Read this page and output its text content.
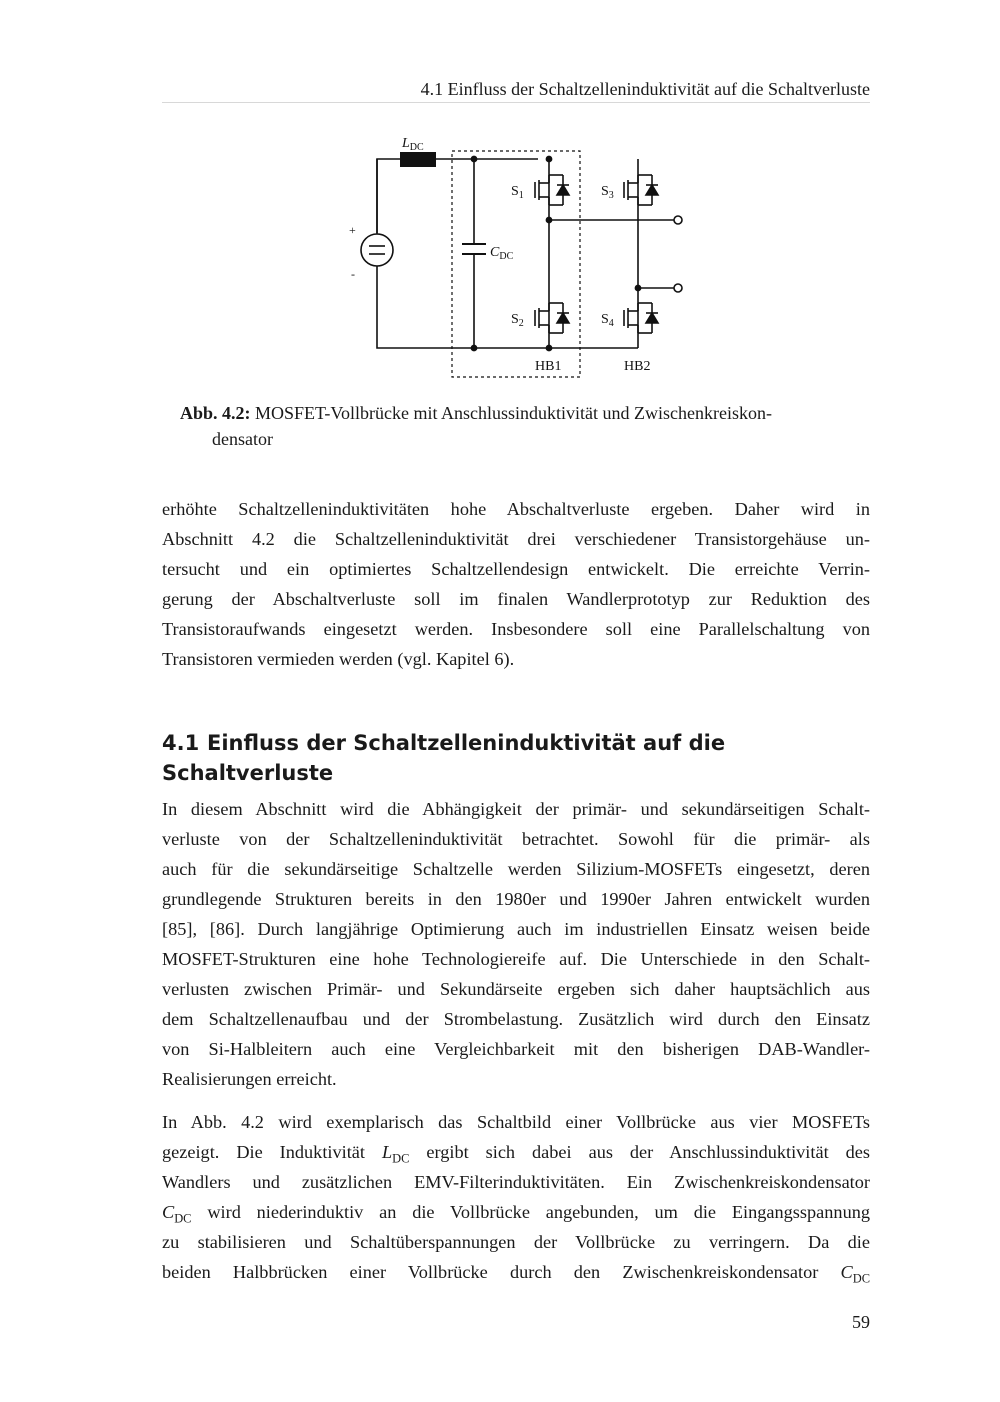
4.1 Einfluss der Schaltzelleninduktivität auf die Schaltverluste
$L_{DC}$
+
-
$C_{DC}$
$S_1$
$S_2$
$S_3$
$S_4$
HB1	HB2
Abb. 4.2: MOSFET-Vollbrücke mit Anschlussinduktivität und Zwischenkreiskon-
densator
erhöhte Schaltzelleninduktivitäten hohe Abschaltverluste ergeben. Daher wird in
Abschnitt 4.2 die Schaltzelleninduktivität drei verschiedener Transistorgehäuse un-
tersucht und ein optimiertes Schaltzellendesign entwickelt. Die erreichte Verrin-
gerung der Abschaltverluste soll im finalen Wandlerprototyp zur Reduktion des
Transistoraufwands eingesetzt werden. Insbesondere soll eine Parallelschaltung von
Transistoren vermieden werden (vgl. Kapitel 6).
4.1 Einfluss der Schaltzelleninduktivität auf die Schaltverluste
In diesem Abschnitt wird die Abhängigkeit der primär- und sekundärseitigen Schalt-
verluste von der Schaltzelleninduktivität betrachtet. Sowohl für die primär- als
auch für die sekundärseitige Schaltzelle werden Silizium-MOSFETs eingesetzt, deren
grundlegende Strukturen bereits in den 1980er und 1990er Jahren entwickelt wurden
[85], [86]. Durch langjährige Optimierung auch im industriellen Einsatz weisen beide
MOSFET-Strukturen eine hohe Technologiereife auf. Die Unterschiede in den Schalt-
verlusten zwischen Primär- und Sekundärseite ergeben sich daher hauptsächlich aus
dem Schaltzellenaufbau und der Strombelastung. Zusätzlich wird durch den Einsatz
von Si-Halbleitern auch eine Vergleichbarkeit mit den bisherigen DAB-Wandler-
Realisierungen erreicht.
In Abb. 4.2 wird exemplarisch das Schaltbild einer Vollbrücke aus vier MOSFETs
gezeigt. Die Induktivität $L_{DC}$ ergibt sich dabei aus der Anschlussinduktivität des
Wandlers und zusätzlichen EMV-Filterinduktivitäten. Ein Zwischenkreiskondensator
$C_{DC}$ wird niederinduktiv an die Vollbrücke angebunden, um die Eingangsspannung
zu stabilisieren und Schaltüberspannungen der Vollbrücke zu verringern. Da die
beiden Halbbrücken einer Vollbrücke durch den Zwischenkreiskondensator $C_{DC}$
59
